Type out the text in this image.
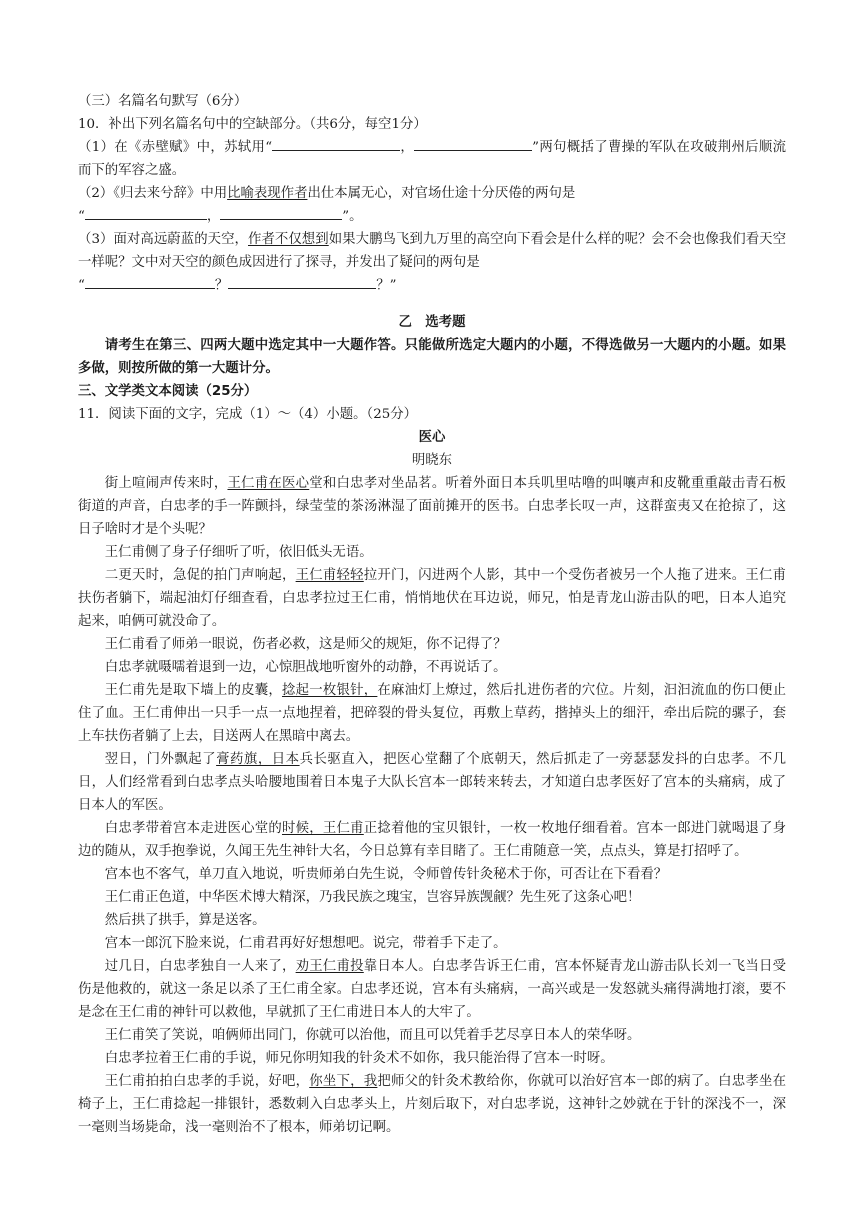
（三）名篇名句默写（6分）
10．补出下列名篇名句中的空缺部分。（共6分，每空1分）
（1）在《赤壁赋》中，苏轼用“	，	”两句概括了曹操的军队在攻破荆州后顺流而下的军容之盛。
（2）《归去来兮辞》中用比喻表现作者出仕本属无心，对官场仕途十分厌倦的两句是
“	，	”。
（3）面对高远蔚蓝的天空，作者不仅想到如果大鹏鸟飞到九万里的高空向下看会是什么样的呢？会不会也像我们看天空一样呢？文中对天空的颜色成因进行了探寻，并发出了疑问的两句是
“	？	？”
乙　选考题
请考生在第三、四两大题中选定其中一大题作答。只能做所选定大题内的小题，不得选做另一大题内的小题。如果多做，则按所做的第一大题计分。
三、文学类文本阅读（25分）
11．阅读下面的文字，完成（1）～（4）小题。（25分）
医心
明晓东

街上喧闹声传来时，王仁甫在医心堂和白忠孝对坐品茗。听着外面日本兵叽里咕噜的叫嚷声和皮靴重重敲击青石板街道的声音，白忠孝的手一阵颤抖，绿莹莹的茶汤淋湿了面前摊开的医书。白忠孝长叹一声，这群蛮夷又在抢掠了，这日子啥时才是个头呢？

王仁甫侧了身子仔细听了听，依旧低头无语。

二更天时，急促的拍门声响起，王仁甫轻轻拉开门，闪进两个人影，其中一个受伤者被另一个人拖了进来。王仁甫扶伤者躺下，端起油灯仔细查看，白忠孝拉过王仁甫，悄悄地伏在耳边说，师兄，怕是青龙山游击队的吧，日本人追究起来，咱俩可就没命了。

王仁甫看了师弟一眼说，伤者必救，这是师父的规矩，你不记得了？

白忠孝就嗫嚅着退到一边，心惊胆战地听窗外的动静，不再说话了。

王仁甫先是取下墙上的皮囊，捻起一枚银针，在麻油灯上燎过，然后扎进伤者的穴位。片刻，汩汩流血的伤口便止住了血。王仁甫伸出一只手一点一点地捏着，把碎裂的骨头复位，再敷上草药，揩掉头上的细汗，牵出后院的骡子，套上车扶伤者躺了上去，目送两人在黑暗中离去。

翌日，门外飘起了膏药旗，日本兵长驱直入，把医心堂翻了个底朝天，然后抓走了一旁瑟瑟发抖的白忠孝。不几日，人们经常看到白忠孝点头哈腰地围着日本鬼子大队长宫本一郎转来转去，才知道白忠孝医好了宫本的头痛病，成了日本人的军医。

白忠孝带着宫本走进医心堂的时候，王仁甫正捻着他的宝贝银针，一枚一枚地仔细看着。宫本一郎进门就喝退了身边的随从，双手抱拳说，久闻王先生神针大名，今日总算有幸目睹了。王仁甫随意一笑，点点头，算是打招呼了。

宫本也不客气，单刀直入地说，听贵师弟白先生说，令师曾传针灸秘术于你，可否让在下看看？

王仁甫正色道，中华医术博大精深，乃我民族之瑰宝，岂容异族觊觎？先生死了这条心吧！

然后拱了拱手，算是送客。

宫本一郎沉下脸来说，仁甫君再好好想想吧。说完，带着手下走了。

过几日，白忠孝独自一人来了，劝王仁甫投靠日本人。白忠孝告诉王仁甫，宫本怀疑青龙山游击队长刘一飞当日受伤是他救的，就这一条足以杀了王仁甫全家。白忠孝还说，宫本有头痛病，一高兴或是一发怒就头痛得满地打滚，要不是念在王仁甫的神针可以救他，早就抓了王仁甫进日本人的大牢了。

王仁甫笑了笑说，咱俩师出同门，你就可以治他，而且可以凭着手艺尽享日本人的荣华呀。

白忠孝拉着王仁甫的手说，师兄你明知我的针灸术不如你，我只能治得了宫本一时呀。

王仁甫拍拍白忠孝的手说，好吧，你坐下，我把师父的针灸术教给你，你就可以治好宫本一郎的病了。白忠孝坐在椅子上，王仁甫捻起一排银针，悉数刺入白忠孝头上，片刻后取下，对白忠孝说，这神针之妙就在于针的深浅不一，深一毫则当场毙命，浅一毫则治不了根本，师弟切记啊。
